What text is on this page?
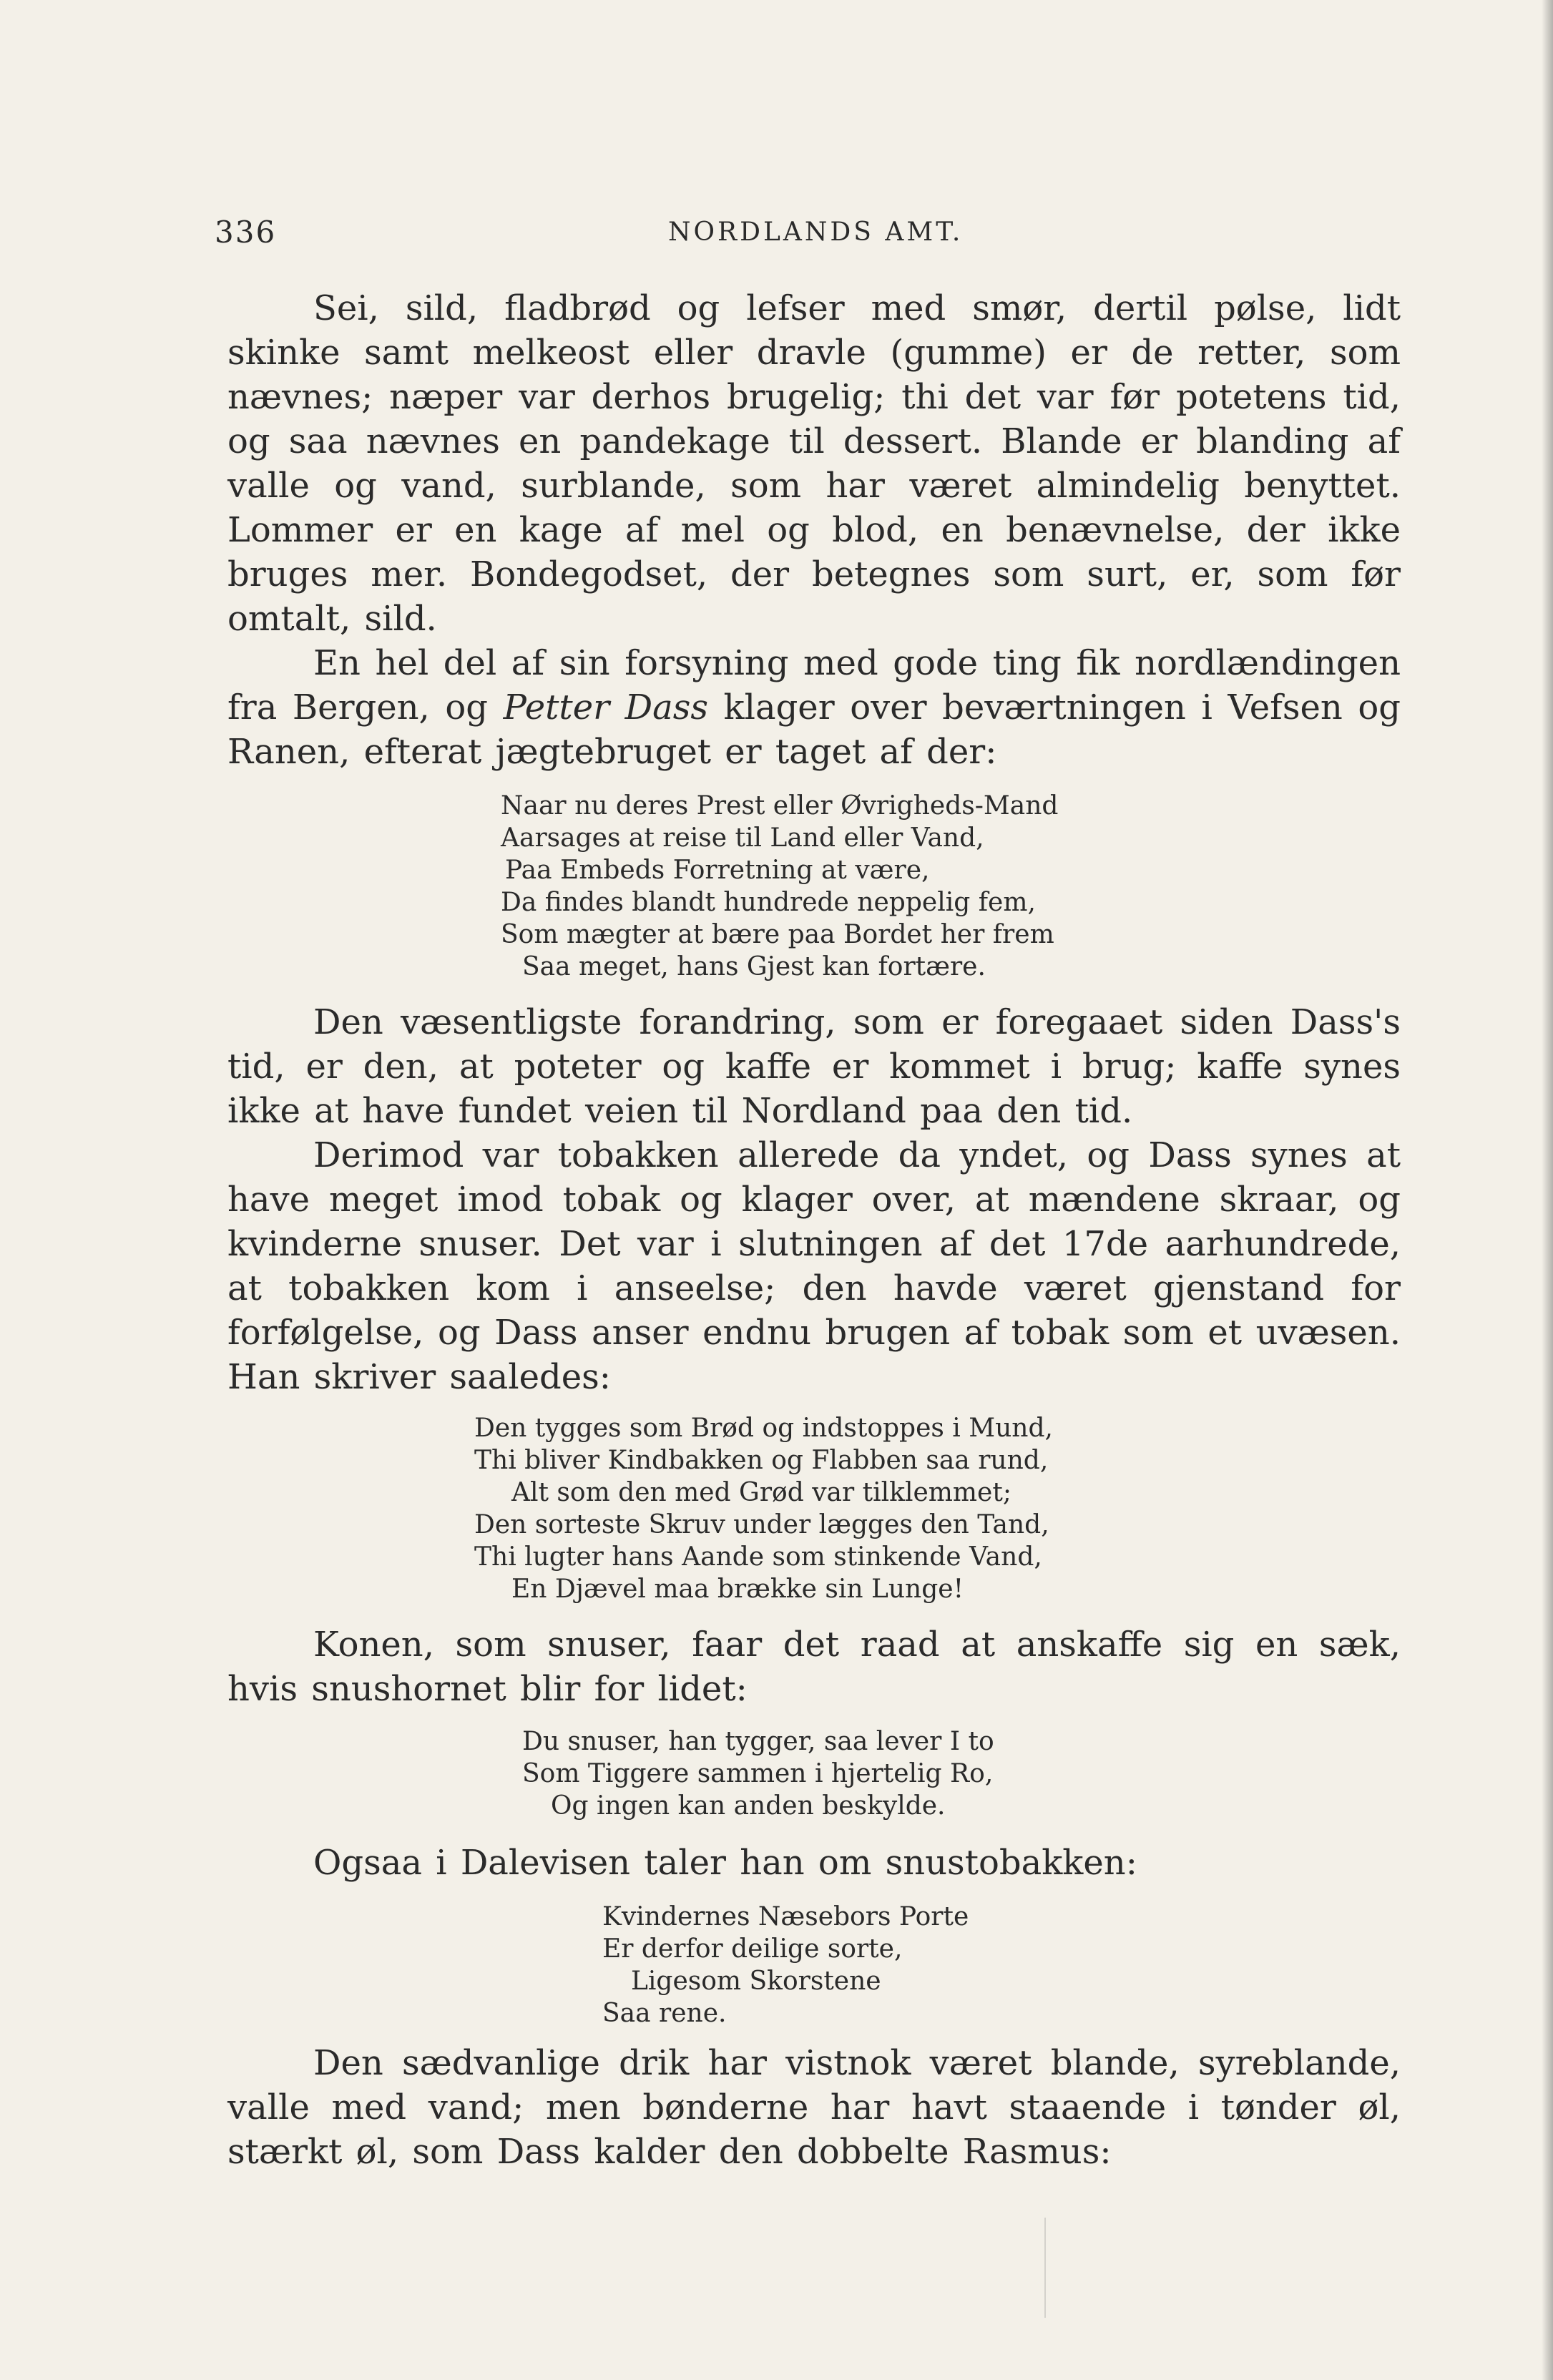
336	NORDLANDS AMT.

Sei, sild, fladbrød og lefser med smør, dertil pølse, lidt skinke samt melkeost eller dravle (gumme) er de retter, som nævnes; næper var derhos brugelig; thi det var før potetens tid, og saa nævnes en pandekage til dessert. Blande er blanding af valle og vand, surblande, som har været almindelig benyttet. Lommer er en kage af mel og blod, en benævnelse, der ikke bruges mer. Bondegodset, der betegnes som surt, er, som før omtalt, sild.

En hel del af sin forsyning med gode ting fik nordlændingen fra Bergen, og Petter Dass klager over beværtningen i Vefsen og Ranen, efterat jægtebruget er taget af der:

Naar nu deres Prest eller Øvrigheds-Mand
Aarsages at reise til Land eller Vand,
Paa Embeds Forretning at være,
Da findes blandt hundrede neppelig fem,
Som mægter at bære paa Bordet her frem
Saa meget, hans Gjest kan fortære.

Den væsentligste forandring, som er foregaaet siden Dass's tid, er den, at poteter og kaffe er kommet i brug; kaffe synes ikke at have fundet veien til Nordland paa den tid.

Derimod var tobakken allerede da yndet, og Dass synes at have meget imod tobak og klager over, at mændene skraar, og kvinderne snuser. Det var i slutningen af det 17de aarhundrede, at tobakken kom i anseelse; den havde været gjenstand for forfølgelse, og Dass anser endnu brugen af tobak som et uvæsen. Han skriver saaledes:

Den tygges som Brød og indstoppes i Mund,
Thi bliver Kindbakken og Flabben saa rund,
Alt som den med Grød var tilklemmet;
Den sorteste Skruv under lægges den Tand,
Thi lugter hans Aande som stinkende Vand,
En Djævel maa brække sin Lunge!

Konen, som snuser, faar det raad at anskaffe sig en sæk, hvis snushornet blir for lidet:

Du snuser, han tygger, saa lever I to
Som Tiggere sammen i hjertelig Ro,
Og ingen kan anden beskylde.

Ogsaa i Dalevisen taler han om snustobakken:

Kvindernes Næsebors Porte
Er derfor deilige sorte,
Ligesom Skorstene
Saa rene.

Den sædvanlige drik har vistnok været blande, syreblande, valle med vand; men bønderne har havt staaende i tønder øl, stærkt øl, som Dass kalder den dobbelte Rasmus:
